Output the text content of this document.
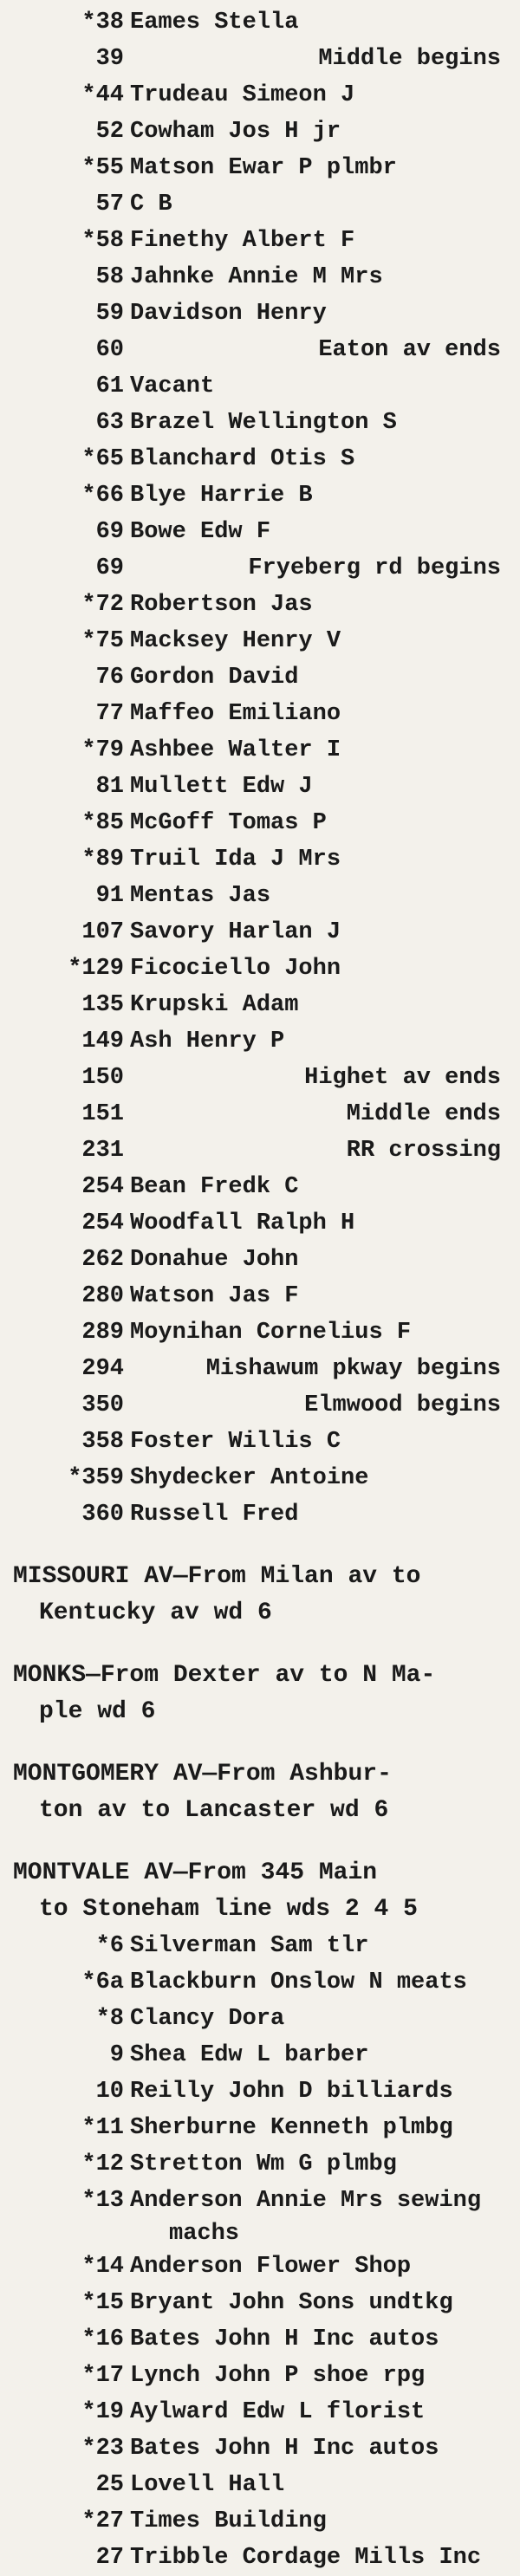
*38 Eames Stella
39	Middle begins
*44 Trudeau Simeon J
52 Cowham Jos H jr
*55 Matson Ewar P plmbr
57 C B
*58 Finethy Albert F
58 Jahnke Annie M Mrs
59 Davidson Henry
60	Eaton av ends
61 Vacant
63 Brazel Wellington S
*65 Blanchard Otis S
*66 Blye Harrie B
69 Bowe Edw F
69	Fryeberg rd begins
*72 Robertson Jas
*75 Macksey Henry V
76 Gordon David
77 Maffeo Emiliano
*79 Ashbee Walter I
81 Mullett Edw J
*85 McGoff Tomas P
*89 Truil Ida J Mrs
91 Mentas Jas
107 Savory Harlan J
*129 Ficociello John
135 Krupski Adam
149 Ash Henry P
150	Highet av ends
151	Middle ends
231	RR crossing
254 Bean Fredk C
254 Woodfall Ralph H
262 Donahue John
280 Watson Jas F
289 Moynihan Cornelius F
294	Mishawum pkway begins
350	Elmwood begins
358 Foster Willis C
*359 Shydecker Antoine
360 Russell Fred
MISSOURI AV—From Milan av to
Kentucky av wd 6
MONKS—From Dexter av to N Ma-
ple wd 6
MONTGOMERY AV—From Ashbur-
ton av to Lancaster wd 6
MONTVALE AV—From 345 Main
to Stoneham line wds 2 4 5
*6 Silverman Sam tlr
*6a Blackburn Onslow N meats
*8 Clancy Dora
9 Shea Edw L barber
10 Reilly John D billiards
*11 Sherburne Kenneth plmbg
*12 Stretton Wm G plmbg
*13 Anderson Annie Mrs sewing
machs
*14 Anderson Flower Shop
*15 Bryant John Sons undtkg
*16 Bates John H Inc autos
*17 Lynch John P shoe rpg
*19 Aylward Edw L florist
*23 Bates John H Inc autos
25 Lovell Hall
*27 Times Building
27 Tribble Cordage Mills Inc
